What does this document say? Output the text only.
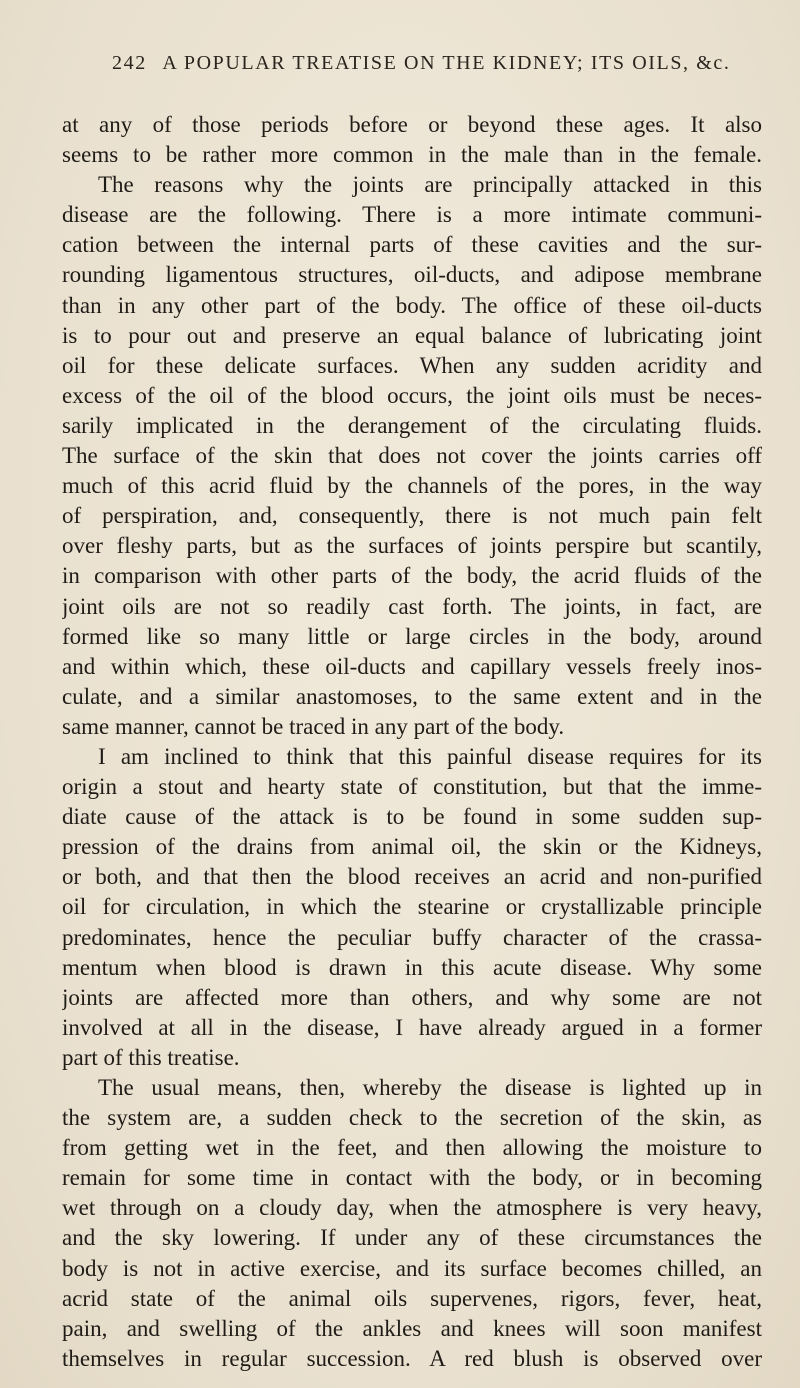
242 A POPULAR TREATISE ON THE KIDNEY; ITS OILS, &c.
at any of those periods before or beyond these ages. It also
seems to be rather more common in the male than in the female.
The reasons why the joints are principally attacked in this
disease are the following. There is a more intimate communi-
cation between the internal parts of these cavities and the sur-
rounding ligamentous structures, oil-ducts, and adipose membrane
than in any other part of the body. The office of these oil-ducts
is to pour out and preserve an equal balance of lubricating joint
oil for these delicate surfaces. When any sudden acridity and
excess of the oil of the blood occurs, the joint oils must be neces-
sarily implicated in the derangement of the circulating fluids.
The surface of the skin that does not cover the joints carries off
much of this acrid fluid by the channels of the pores, in the way
of perspiration, and, consequently, there is not much pain felt
over fleshy parts, but as the surfaces of joints perspire but scantily,
in comparison with other parts of the body, the acrid fluids of the
joint oils are not so readily cast forth. The joints, in fact, are
formed like so many little or large circles in the body, around
and within which, these oil-ducts and capillary vessels freely inos-
culate, and a similar anastomoses, to the same extent and in the
same manner, cannot be traced in any part of the body.
I am inclined to think that this painful disease requires for its
origin a stout and hearty state of constitution, but that the imme-
diate cause of the attack is to be found in some sudden sup-
pression of the drains from animal oil, the skin or the Kidneys,
or both, and that then the blood receives an acrid and non-purified
oil for circulation, in which the stearine or crystallizable principle
predominates, hence the peculiar buffy character of the crassa-
mentum when blood is drawn in this acute disease. Why some
joints are affected more than others, and why some are not
involved at all in the disease, I have already argued in a former
part of this treatise.
The usual means, then, whereby the disease is lighted up in
the system are, a sudden check to the secretion of the skin, as
from getting wet in the feet, and then allowing the moisture to
remain for some time in contact with the body, or in becoming
wet through on a cloudy day, when the atmosphere is very heavy,
and the sky lowering. If under any of these circumstances the
body is not in active exercise, and its surface becomes chilled, an
acrid state of the animal oils supervenes, rigors, fever, heat,
pain, and swelling of the ankles and knees will soon manifest
themselves in regular succession. A red blush is observed over
